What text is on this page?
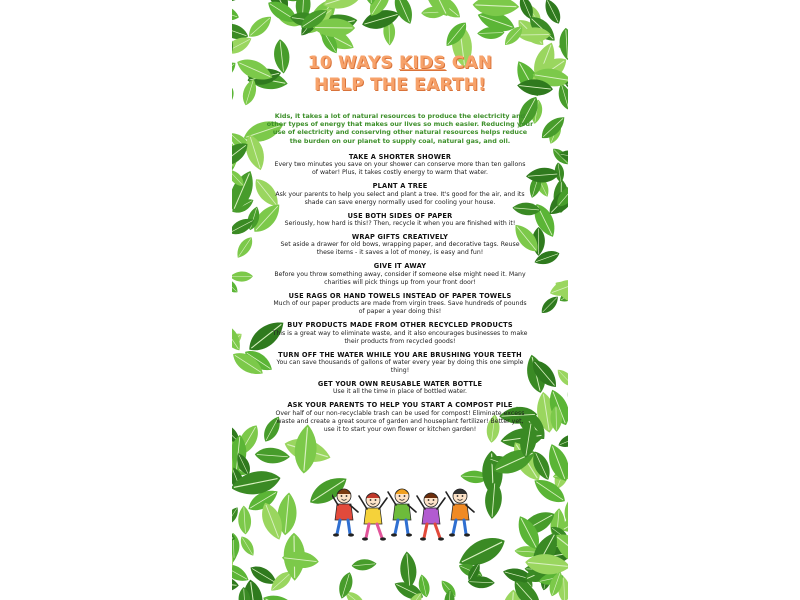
10 WAYS KIDS CAN
HELP THE EARTH!

Kids, it takes a lot of natural resources to produce the electricity and other types of energy that makes our lives so much easier. Reducing your use of electricity and conserving other natural resources helps reduce the burden on our planet to supply coal, natural gas, and oil.

TAKE A SHORTER SHOWER
Every two minutes you save on your shower can conserve more than ten gallons of water! Plus, it takes costly energy to warm that water.
PLANT A TREE
Ask your parents to help you select and plant a tree. It's good for the air, and its shade can save energy normally used for cooling your house.
USE BOTH SIDES OF PAPER
Seriously, how hard is this!? Then, recycle it when you are finished with it!
WRAP GIFTS CREATIVELY
Set aside a drawer for old bows, wrapping paper, and decorative tags. Reuse these items - it saves a lot of money, is easy and fun!
GIVE IT AWAY
Before you throw something away, consider if someone else might need it. Many charities will pick things up from your front door!
USE RAGS OR HAND TOWELS INSTEAD OF PAPER TOWELS
Much of our paper products are made from virgin trees. Save hundreds of pounds of paper a year doing this!
BUY PRODUCTS MADE FROM OTHER RECYCLED PRODUCTS
This is a great way to eliminate waste, and it also encourages businesses to make their products from recycled goods!
TURN OFF THE WATER WHILE YOU ARE BRUSHING YOUR TEETH
You can save thousands of gallons of water every year by doing this one simple thing!
GET YOUR OWN REUSABLE WATER BOTTLE
Use it all the time in place of bottled water.
ASK YOUR PARENTS TO HELP YOU START A COMPOST PILE
Over half of our non-recyclable trash can be used for compost! Eliminate excess waste and create a great source of garden and houseplant fertilizer! Better yet, use it to start your own flower or kitchen garden!
